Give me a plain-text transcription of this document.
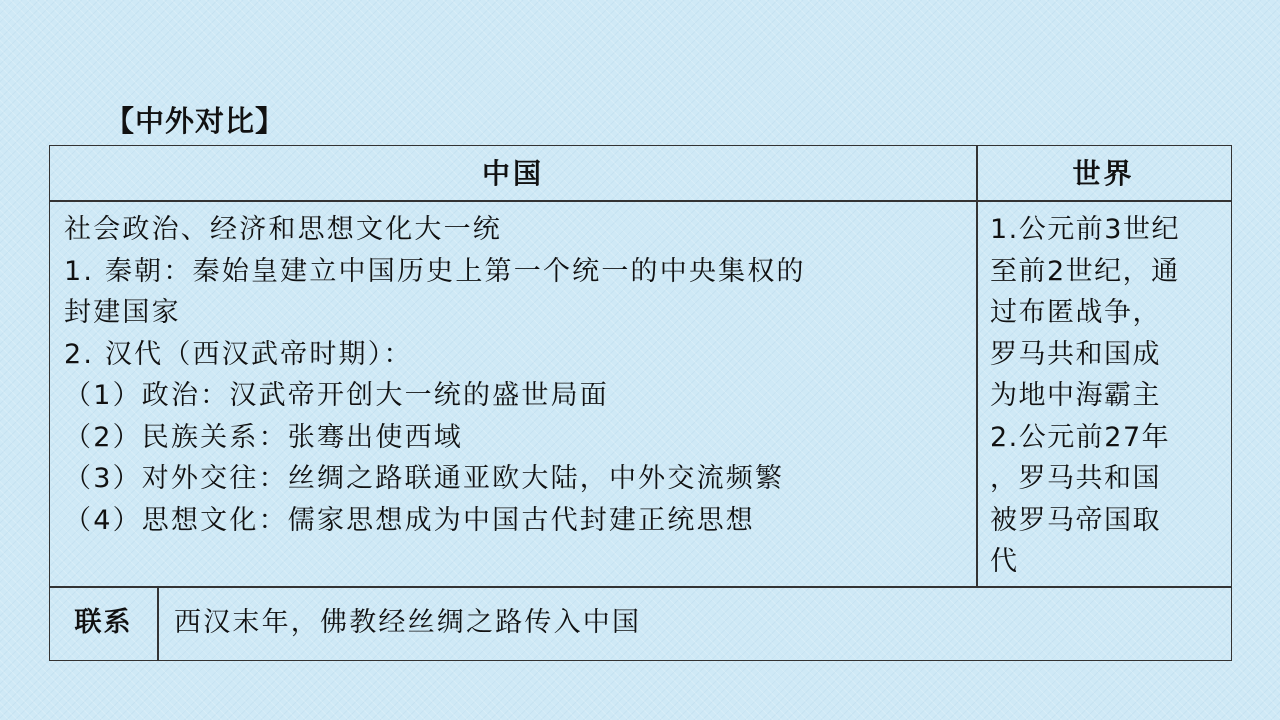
【中外对比】
中国	世界
社会政治、经济和思想文化大一统
1. 秦朝：秦始皇建立中国历史上第一个统一的中央集权的
封建国家
2. 汉代（西汉武帝时期）：
（1）政治：汉武帝开创大一统的盛世局面
（2）民族关系：张骞出使西域
（3）对外交往：丝绸之路联通亚欧大陆，中外交流频繁
（4）思想文化：儒家思想成为中国古代封建正统思想
1.公元前3世纪
至前2世纪，通
过布匿战争，
罗马共和国成
为地中海霸主
2.公元前27年
，罗马共和国
被罗马帝国取
代
联系	西汉末年，佛教经丝绸之路传入中国
